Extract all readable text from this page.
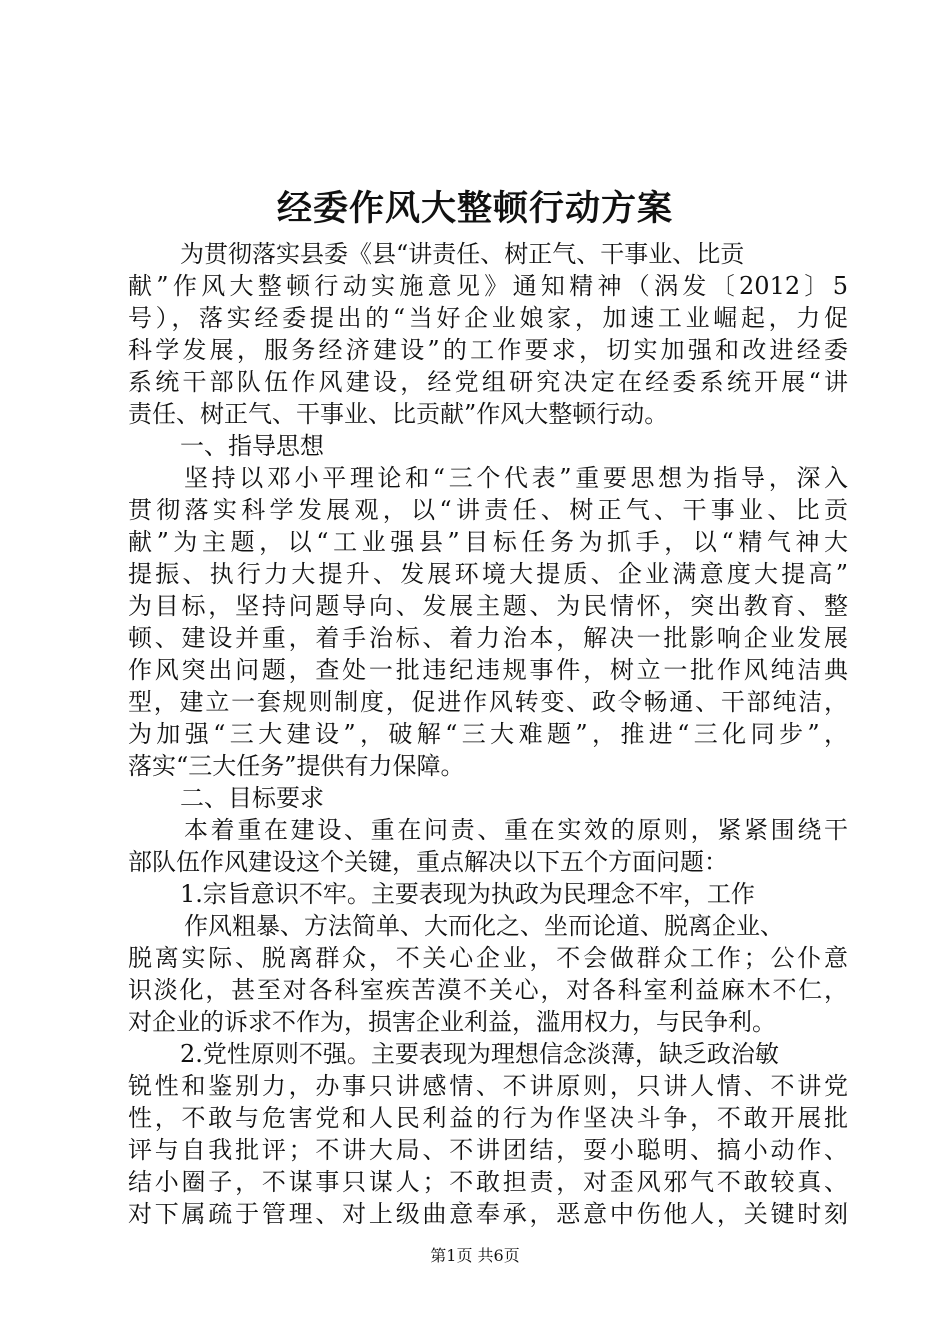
经委作风大整顿行动方案
为贯彻落实县委《县“讲责任、树正气、干事业、比贡
献”作风大整顿行动实施意见》通知精神（涡发〔2012〕5
号），落实经委提出的“当好企业娘家，加速工业崛起，力促
科学发展，服务经济建设”的工作要求，切实加强和改进经委
系统干部队伍作风建设，经党组研究决定在经委系统开展“讲
责任、树正气、干事业、比贡献”作风大整顿行动。
一、指导思想
坚持以邓小平理论和“三个代表”重要思想为指导，深入
贯彻落实科学发展观，以“讲责任、树正气、干事业、比贡
献”为主题，以“工业强县”目标任务为抓手，以“精气神大
提振、执行力大提升、发展环境大提质、企业满意度大提高”
为目标，坚持问题导向、发展主题、为民情怀，突出教育、整
顿、建设并重，着手治标、着力治本，解决一批影响企业发展
作风突出问题，查处一批违纪违规事件，树立一批作风纯洁典
型，建立一套规则制度，促进作风转变、政令畅通、干部纯洁，
为加强“三大建设”，破解“三大难题”，推进“三化同步”，
落实“三大任务”提供有力保障。
二、目标要求
本着重在建设、重在问责、重在实效的原则，紧紧围绕干
部队伍作风建设这个关键，重点解决以下五个方面问题：
1.宗旨意识不牢。主要表现为执政为民理念不牢，工作
作风粗暴、方法简单、大而化之、坐而论道、脱离企业、
脱离实际、脱离群众，不关心企业，不会做群众工作；公仆意
识淡化，甚至对各科室疾苦漠不关心，对各科室利益麻木不仁，
对企业的诉求不作为，损害企业利益，滥用权力，与民争利。
2.党性原则不强。主要表现为理想信念淡薄，缺乏政治敏
锐性和鉴别力，办事只讲感情、不讲原则，只讲人情、不讲党
性，不敢与危害党和人民利益的行为作坚决斗争，不敢开展批
评与自我批评；不讲大局、不讲团结，耍小聪明、搞小动作、
结小圈子，不谋事只谋人；不敢担责，对歪风邪气不敢较真、
对下属疏于管理、对上级曲意奉承，恶意中伤他人，关键时刻
第1页 共6页
